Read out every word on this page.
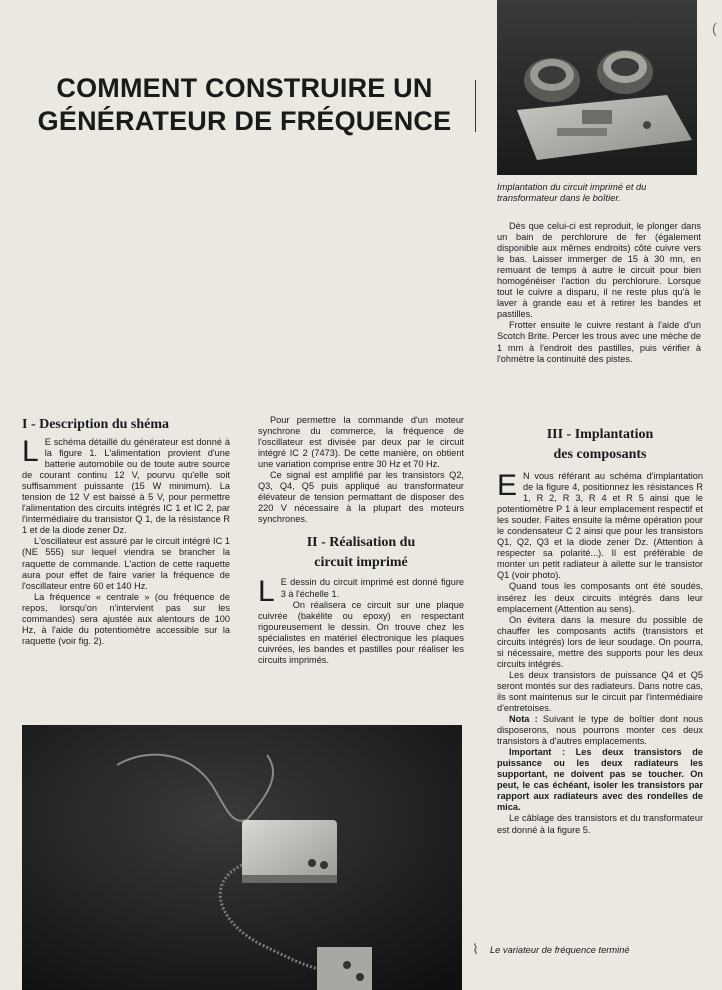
COMMENT CONSTRUIRE UN
GÉNÉRATEUR DE FRÉQUENCE
(
Implantation du circuit imprimé et du transformateur dans le boîtier.

Dès que celui-ci est reproduit, le plonger dans un bain de perchlorure de fer (également disponible aux mêmes endroits) côté cuivre vers le bas. Laisser immerger de 15 à 30 mn, en remuant de temps à autre le circuit pour bien homogénéiser l'action du perchlorure. Lorsque tout le cuivre a disparu, il ne reste plus qu'à le laver à grande eau et à retirer les bandes et pastilles.

Frotter ensuite le cuivre restant à l'aide d'un Scotch Brite. Percer les trous avec une mèche de 1 mm à l'endroit des pastilles, puis vérifier à l'ohmètre la continuité des pistes.

I - Description du shéma

L E schéma détaillé du générateur est donné à la figure 1. L'alimentation provient d'une batterie automobile ou de toute autre source de courant continu 12 V, pourvu qu'elle soit suffisamment puissante (15 W minimum). La tension de 12 V est baissé à 5 V, pour permettre l'alimentation des circuits intégrés IC 1 et IC 2, par l'intermédiaire du transistor Q 1, de la résistance R 1 et de la diode zener Dz.

L'oscillateur est assuré par le circuit intégré IC 1 (NE 555) sur lequel viendra se brancher la raquette de commande. L'action de cette raquette aura pour effet de faire varier la fréquence de l'oscillateur entre 60 et 140 Hz.

La fréquence « centrale » (ou fréquence de repos, lorsqu'on n'intervient pas sur les commandes) sera ajustée aux alentours de 100 Hz, à l'aide du potentiomètre accessible sur la raquette (voir fig. 2).

Pour permettre la commande d'un moteur synchrone du commerce, la fréquence de l'oscillateur est divisée par deux par le circuit intégré IC 2 (7473). De cette manière, on obtient une variation comprise entre 30 Hz et 70 Hz.

Ce signal est amplifié par les transistors Q2, Q3, Q4, Q5 puis appliqué au transformateur élévateur de tension permattant de disposer des 220 V nécessaire à la plupart des moteurs synchrones.

II - Réalisation du
circuit imprimé

L E dessin du circuit imprimé est donné figure 3 à l'échelle 1.

On réalisera ce circuit sur une plaque cuivrée (bakélite ou epoxy) en respectant rigoureusement le dessin. On trouve chez les spécialistes en matériel électronique les plaques cuivrées, les bandes et pastilles pour réaliser les circuits imprimés.

III - Implantation
des composants

E N vous référant au schéma d'implantation de la figure 4, positionnez les résistances R 1, R 2, R 3, R 4 et R 5 ainsi que le potentiomètre P 1 à leur emplacement respectif et les souder. Faites ensuite la même opération pour le condensateur C 2 ainsi que pour les transistors Q1, Q2, Q3 et la diode zener Dz. (Attention à respecter sa polarité...). Il est préférable de monter un petit radiateur à ailette sur le transistor Q1 (voir photo).

Quand tous les composants ont été soudés, insérez les deux circuits intégrés dans leur emplacement (Attention au sens).

On évitera dans la mesure du possible de chauffer les composants actifs (transistors et circuits intégrés) lors de leur soudage. On pourra, si nécessaire, mettre des supports pour les deux circuits intégrés.

Les deux transistors de puissance Q4 et Q5 seront montés sur des radiateurs. Dans notre cas, ils sont maintenus sur le circuit par l'intermédiaire d'entretoises.

Nota : Suivant le type de boîtier dont nous disposerons, nous pourrons monter ces deux transistors à d'autres emplacements.

Important : Les deux transistors de puissance ou les deux radiateurs les supportant, ne doivent pas se toucher. On peut, le cas échéant, isoler les transistors par rapport aux radiateurs avec des rondelles de mica.

Le câblage des transistors et du transformateur est donné à la figure 5.

⌇	Le variateur de fréquence terminé
